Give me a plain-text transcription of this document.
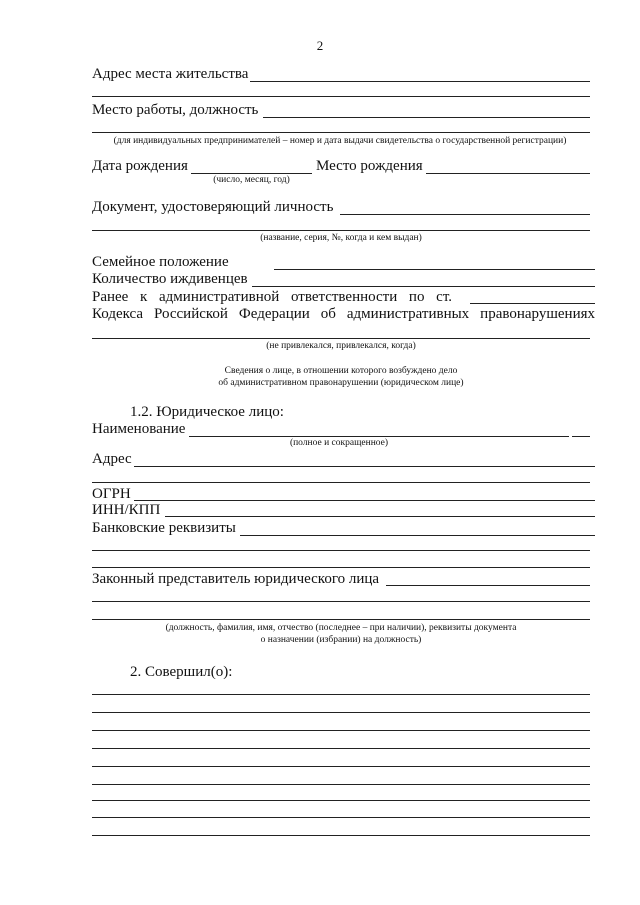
2
Адрес места жительства
Место работы, должность
(для индивидуальных предпринимателей – номер и дата выдачи свидетельства о государственной регистрации)
Дата рождения	Место рождения
(число, месяц, год)
Документ, удостоверяющий личность
(название, серия, №, когда и кем выдан)
Семейное положение
Количество иждивенцев
Ранее к административной ответственности по ст.
Кодекса Российской Федерации об административных правонарушениях
(не привлекался, привлекался, когда)
Сведения о лице, в отношении которого возбуждено дело
об административном правонарушении (юридическом лице)
1.2. Юридическое лицо:
Наименование
(полное и сокращенное)
Адрес
ОГРН
ИНН/КПП
Банковские реквизиты
Законный представитель юридического лица
(должность, фамилия, имя, отчество (последнее – при наличии), реквизиты документа
о назначении (избрании) на должность)
2. Совершил(о):
